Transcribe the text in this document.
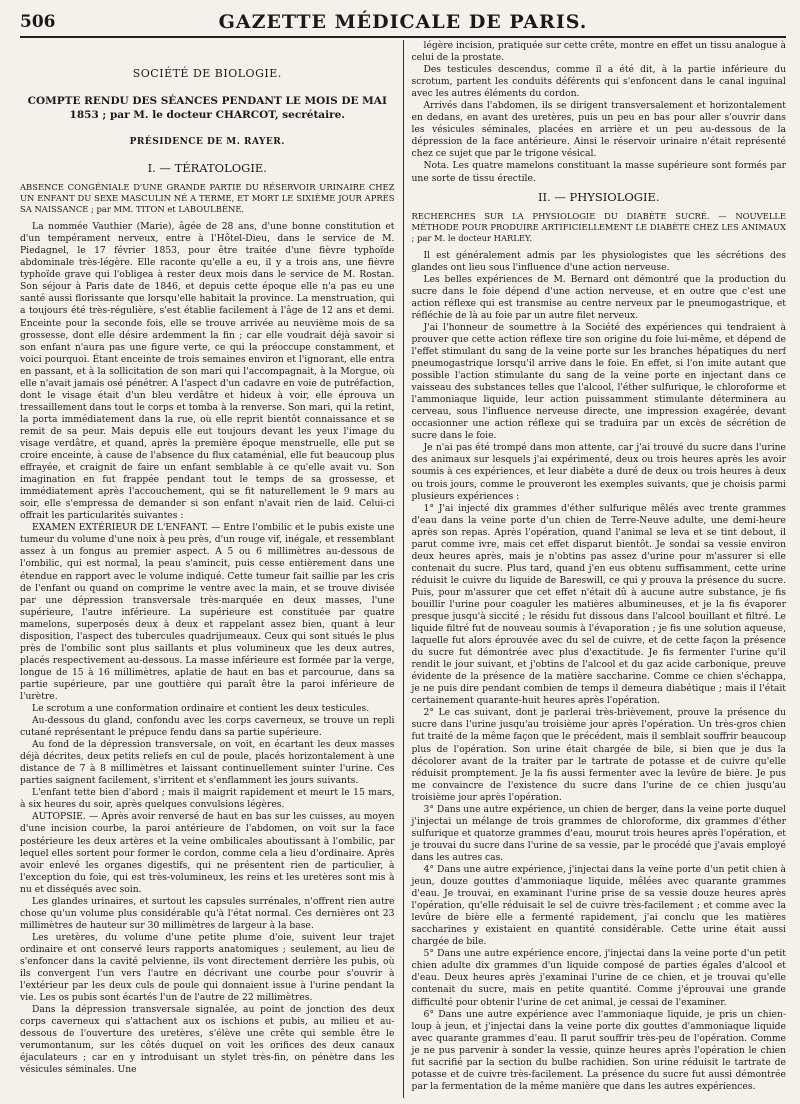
506	GAZETTE MÉDICALE DE PARIS.
SOCIÉTÉ DE BIOLOGIE.
COMPTE RENDU DES SÉANCES PENDANT LE MOIS DE MAI 1853 ; par M. le docteur CHARCOT, secrétaire.
PRÉSIDENCE DE M. RAYER.
I. — TÉRATOLOGIE.

ABSENCE CONGÉNIALE D'UNE GRANDE PARTIE DU RÉSERVOIR URINAIRE CHEZ UN ENFANT DU SEXE MASCULIN NÉ A TERME, ET MORT LE SIXIÈME JOUR APRÈS SA NAISSANCE ; par MM. TITON et LABOULBÈNE.

La nommée Vauthier (Marie), âgée de 28 ans, d'une bonne constitution et d'un tempérament nerveux, entre à l'Hôtel-Dieu, dans le service de M. Piedagnel, le 17 février 1853, pour être traitée d'une fièvre typhoïde abdominale très-légère. Elle raconte qu'elle a eu, il y a trois ans, une fièvre typhoïde grave qui l'obligea à rester deux mois dans le service de M. Rostan. Son séjour à Paris date de 1846, et depuis cette époque elle n'a pas eu une santé aussi florissante que lorsqu'elle habitait la province. La menstruation, qui a toujours été très-régulière, s'est établie facilement à l'âge de 12 ans et demi. Enceinte pour la seconde fois, elle se trouve arrivée au neuvième mois de sa grossesse, dont elle désire ardemment la fin ; car elle voudrait déjà savoir si son enfant n'aura pas une figure verte, ce qui la préoccupe constamment, et voici pourquoi. Étant enceinte de trois semaines environ et l'ignorant, elle entra en passant, et à la sollicitation de son mari qui l'accompagnait, à la Morgue, où elle n'avait jamais osé pénétrer. A l'aspect d'un cadavre en voie de putréfaction, dont le visage était d'un bleu verdâtre et hideux à voir, elle éprouva un tressaillement dans tout le corps et tomba à la renverse. Son mari, qui la retint, la porta immédiatement dans la rue, où elle reprit bientôt connaissance et se remit de sa peur. Mais depuis elle eut toujours devant les yeux l'image du visage verdâtre, et quand, après la première époque menstruelle, elle put se croire enceinte, à cause de l'absence du flux cataménial, elle fut beaucoup plus effrayée, et craignit de faire un enfant semblable à ce qu'elle avait vu. Son imagination en fut frappée pendant tout le temps de sa grossesse, et immédiatement après l'accouchement, qui se fit naturellement le 9 mars au soir, elle s'empressa de demander si son enfant n'avait rien de laid. Celui-ci offrait les particularités suivantes :

EXAMEN EXTÉRIEUR DE L'ENFANT. — Entre l'ombilic et le pubis existe une tumeur du volume d'une noix à peu près, d'un rouge vif, inégale, et ressemblant assez à un fongus au premier aspect. A 5 ou 6 millimètres au-dessous de l'ombilic, qui est normal, la peau s'amincit, puis cesse entièrement dans une étendue en rapport avec le volume indiqué. Cette tumeur fait saillie par les cris de l'enfant ou quand on comprime le ventre avec la main, et se trouve divisée par une dépression transversale très-marquée en deux masses, l'une supérieure, l'autre inférieure. La supérieure est constituée par quatre mamelons, superposés deux à deux et rappelant assez bien, quant à leur disposition, l'aspect des tubercules quadrijumeaux. Ceux qui sont situés le plus près de l'ombilic sont plus saillants et plus volumineux que les deux autres, placés respectivement au-dessous. La masse inférieure est formée par la verge, longue de 15 à 16 millimètres, aplatie de haut en bas et parcourue, dans sa partie supérieure, par une gouttière qui paraît être la paroi inférieure de l'urètre.

Le scrotum a une conformation ordinaire et contient les deux testicules.

Au-dessous du gland, confondu avec les corps caverneux, se trouve un repli cutané représentant le prépuce fendu dans sa partie supérieure.

Au fond de la dépression transversale, on voit, en écartant les deux masses déjà décrites, deux petits reliefs en cul de poule, placés horizontalement à une distance de 7 à 8 millimètres et laissant continuellement suinter l'urine. Ces parties saignent facilement, s'irritent et s'enflamment les jours suivants.

L'enfant tette bien d'abord ; mais il maigrit rapidement et meurt le 15 mars, à six heures du soir, après quelques convulsions légères.

AUTOPSIE. — Après avoir renversé de haut en bas sur les cuisses, au moyen d'une incision courbe, la paroi antérieure de l'abdomen, on voit sur la face postérieure les deux artères et la veine ombilicales aboutissant à l'ombilic, par lequel elles sortent pour former le cordon, comme cela a lieu d'ordinaire. Après avoir enlevé les organes digestifs, qui ne présentent rien de particulier, à l'exception du foie, qui est très-volumineux, les reins et les uretères sont mis à nu et disséqués avec soin.

Les glandes urinaires, et surtout les capsules surrénales, n'offrent rien autre chose qu'un volume plus considérable qu'à l'état normal. Ces dernières ont 23 millimètres de hauteur sur 30 millimètres de largeur à la base.

Les uretères, du volume d'une petite plume d'oie, suivent leur trajet ordinaire et ont conservé leurs rapports anatomiques ; seulement, au lieu de s'enfoncer dans la cavité pelvienne, ils vont directement derrière les pubis, où ils convergent l'un vers l'autre en décrivant une courbe pour s'ouvrir à l'extérieur par les deux culs de poule qui donnaient issue à l'urine pendant la vie. Les os pubis sont écartés l'un de l'autre de 22 millimètres.

Dans la dépression transversale signalée, au point de jonction des deux corps caverneux qui s'attachent aux os ischions et pubis, au milieu et au-dessous de l'ouverture des uretères, s'élève une crête qui semble être le verumontanum, sur les côtés duquel on voit les orifices des deux canaux éjaculateurs ; car en y introduisant un stylet très-fin, on pénètre dans les vésicules séminales. Une

légère incision, pratiquée sur cette crête, montre en effet un tissu analogue à celui de la prostate.

Des testicules descendus, comme il a été dit, à la partie inférieure du scrotum, partent les conduits déférents qui s'enfoncent dans le canal inguinal avec les autres éléments du cordon.

Arrivés dans l'abdomen, ils se dirigent transversalement et horizontalement en dedans, en avant des uretères, puis un peu en bas pour aller s'ouvrir dans les vésicules séminales, placées en arrière et un peu au-dessous de la dépression de la face antérieure. Ainsi le réservoir urinaire n'était représenté chez ce sujet que par le trigone vésical.

Nota. Les quatre mamelons constituant la masse supérieure sont formés par une sorte de tissu érectile.

II. — PHYSIOLOGIE.

RECHERCHES SUR LA PHYSIOLOGIE DU DIABÈTE SUCRÉ. — NOUVELLE MÉTHODE POUR PRODUIRE ARTIFICIELLEMENT LE DIABÈTE CHEZ LES ANIMAUX ; par M. le docteur HARLEY.

Il est généralement admis par les physiologistes que les sécrétions des glandes ont lieu sous l'influence d'une action nerveuse.

Les belles expériences de M. Bernard ont démontré que la production du sucre dans le foie dépend d'une action nerveuse, et en outre que c'est une action réflexe qui est transmise au centre nerveux par le pneumogastrique, et réfléchie de là au foie par un autre filet nerveux.

J'ai l'honneur de soumettre à la Société des expériences qui tendraient à prouver que cette action réflexe tire son origine du foie lui-même, et dépend de l'effet stimulant du sang de la veine porte sur les branches hépatiques du nerf pneumogastrique lorsqu'il arrive dans le foie. En effet, si l'on imite autant que possible l'action stimulante du sang de la veine porte en injectant dans ce vaisseau des substances telles que l'alcool, l'éther sulfurique, le chloroforme et l'ammoniaque liquide, leur action puissamment stimulante déterminera au cerveau, sous l'influence nerveuse directe, une impression exagérée, devant occasionner une action réflexe qui se traduira par un excès de sécrétion de sucre dans le foie.

Je n'ai pas été trompé dans mon attente, car j'ai trouvé du sucre dans l'urine des animaux sur lesquels j'ai expérimenté, deux ou trois heures après les avoir soumis à ces expériences, et leur diabète a duré de deux ou trois heures à deux ou trois jours, comme le prouveront les exemples suivants, que je choisis parmi plusieurs expériences :

1° J'ai injecté dix grammes d'éther sulfurique mêlés avec trente grammes d'eau dans la veine porte d'un chien de Terre-Neuve adulte, une demi-heure après son repas. Après l'opération, quand l'animal se leva et se tint debout, il parut comme ivre, mais cet effet disparut bientôt. Je sondai sa vessie environ deux heures après, mais je n'obtins pas assez d'urine pour m'assurer si elle contenait du sucre. Plus tard, quand j'en eus obtenu suffisamment, cette urine réduisit le cuivre du liquide de Bareswill, ce qui y prouva la présence du sucre. Puis, pour m'assurer que cet effet n'était dû à aucune autre substance, je fis bouillir l'urine pour coaguler les matières albumineuses, et je la fis évaporer presque jusqu'à siccité ; le résidu fut dissous dans l'alcool bouillant et filtré. Le liquide filtré fut de nouveau soumis à l'évaporation ; je fis une solution aqueuse, laquelle fut alors éprouvée avec du sel de cuivre, et de cette façon la présence du sucre fut démontrée avec plus d'exactitude. Je fis fermenter l'urine qu'il rendit le jour suivant, et j'obtins de l'alcool et du gaz acide carbonique, preuve évidente de la présence de la matière saccharine. Comme ce chien s'échappa, je ne puis dire pendant combien de temps il demeura diabétique ; mais il l'était certainement quarante-huit heures après l'opération.

2° Le cas suivant, dont je parlerai très-brièvement, prouve la présence du sucre dans l'urine jusqu'au troisième jour après l'opération. Un très-gros chien fut traité de la même façon que le précédent, mais il semblait souffrir beaucoup plus de l'opération. Son urine était chargée de bile, si bien que je dus la décolorer avant de la traiter par le tartrate de potasse et de cuivre qu'elle réduisit promptement. Je la fis aussi fermenter avec la levûre de bière. Je pus me convaincre de l'existence du sucre dans l'urine de ce chien jusqu'au troisième jour après l'opération.

3° Dans une autre expérience, un chien de berger, dans la veine porte duquel j'injectai un mélange de trois grammes de chloroforme, dix grammes d'éther sulfurique et quatorze grammes d'eau, mourut trois heures après l'opération, et je trouvai du sucre dans l'urine de sa vessie, par le procédé que j'avais employé dans les autres cas.

4° Dans une autre expérience, j'injectai dans la veine porte d'un petit chien à jeun, douze gouttes d'ammoniaque liquide, mêlées avec quarante grammes d'eau. Je trouvai, en examinant l'urine prise de sa vessie douze heures après l'opération, qu'elle réduisait le sel de cuivre très-facilement ; et comme avec la levûre de bière elle a fermenté rapidement, j'ai conclu que les matières saccharines y existaient en quantité considérable. Cette urine était aussi chargée de bile.

5° Dans une autre expérience encore, j'injectai dans la veine porte d'un petit chien adulte dix grammes d'un liquide composé de parties égales d'alcool et d'eau. Deux heures après j'examinai l'urine de ce chien, et je trouvai qu'elle contenait du sucre, mais en petite quantité. Comme j'éprouvai une grande difficulté pour obtenir l'urine de cet animal, je cessai de l'examiner.

6° Dans une autre expérience avec l'ammoniaque liquide, je pris un chien-loup à jeun, et j'injectai dans la veine porte dix gouttes d'ammoniaque liquide avec quarante grammes d'eau. Il parut souffrir très-peu de l'opération. Comme je ne pus parvenir à sonder la vessie, quinze heures après l'opération le chien fut sacrifié par la section du bulbe rachidien. Son urine réduisit le tartrate de potasse et de cuivre très-facilement. La présence du sucre fut aussi démontrée par la fermentation de la même manière que dans les autres expériences.
